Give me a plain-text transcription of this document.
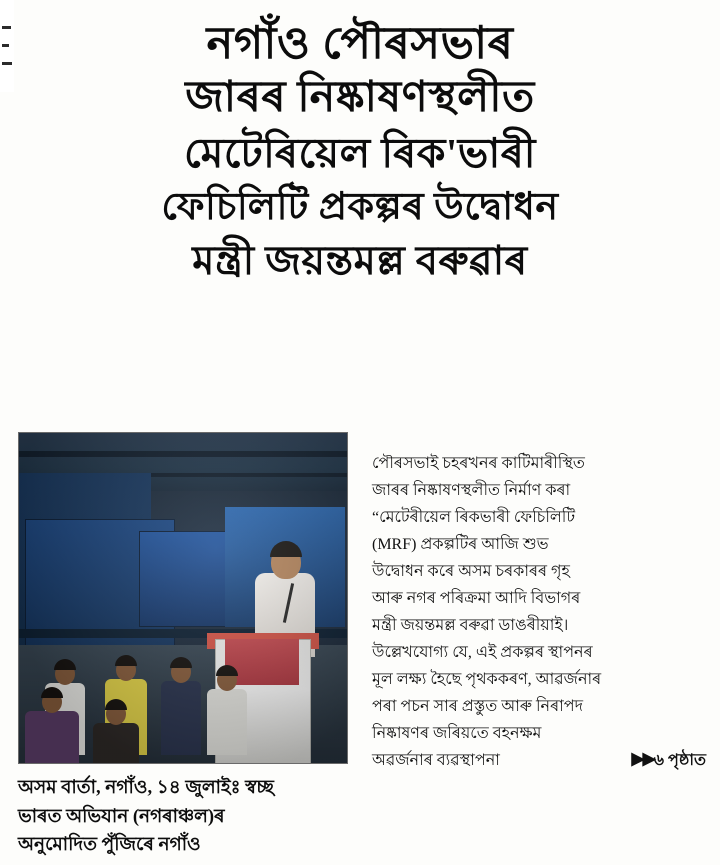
নগাঁও পৌৰসভাৰ
জাৰৰ নিষ্কাষণস্থলীত
মেটেৰিয়েল ৰিক'ভাৰী
ফেচিলিটি প্ৰকল্পৰ উদ্বোধন
মন্ত্ৰী জয়ন্তমল্ল বৰুৱাৰ
অসম বাৰ্তা, নগাঁও, ১৪ জুলাইঃ স্বচ্ছ
ভাৰত অভিযান (নগৰাঞ্চল)ৰ
অনুমোদিত পুঁজিৰে নগাঁও

পৌৰসভাই চহৰখনৰ কাটিমাৰীস্থিত
জাৰৰ নিষ্কাষণস্থলীত নিৰ্মাণ কৰা
“মেটেৰীয়েল ৰিকভাৰী ফেচিলিটি
(MRF) প্ৰকল্পটিৰ আজি শুভ
উদ্বোধন কৰে অসম চৰকাৰৰ গৃহ
আৰু নগৰ পৰিক্ৰমা আদি বিভাগৰ
মন্ত্ৰী জয়ন্তমল্ল বৰুৱা ডাঙৰীয়াই।
উল্লেখযোগ্য যে, এই প্ৰকল্পৰ স্থাপনৰ
মূল লক্ষ্য হৈছে পৃথককৰণ, আৱৰ্জনাৰ
পৰা পচন সাৰ প্ৰস্তুত আৰু নিৰাপদ
নিষ্কাষণৰ জৰিয়তে বহনক্ষম
অৱৰ্জনাৰ ব্যৱস্থাপনা	▶▶৬ পৃষ্ঠাত
